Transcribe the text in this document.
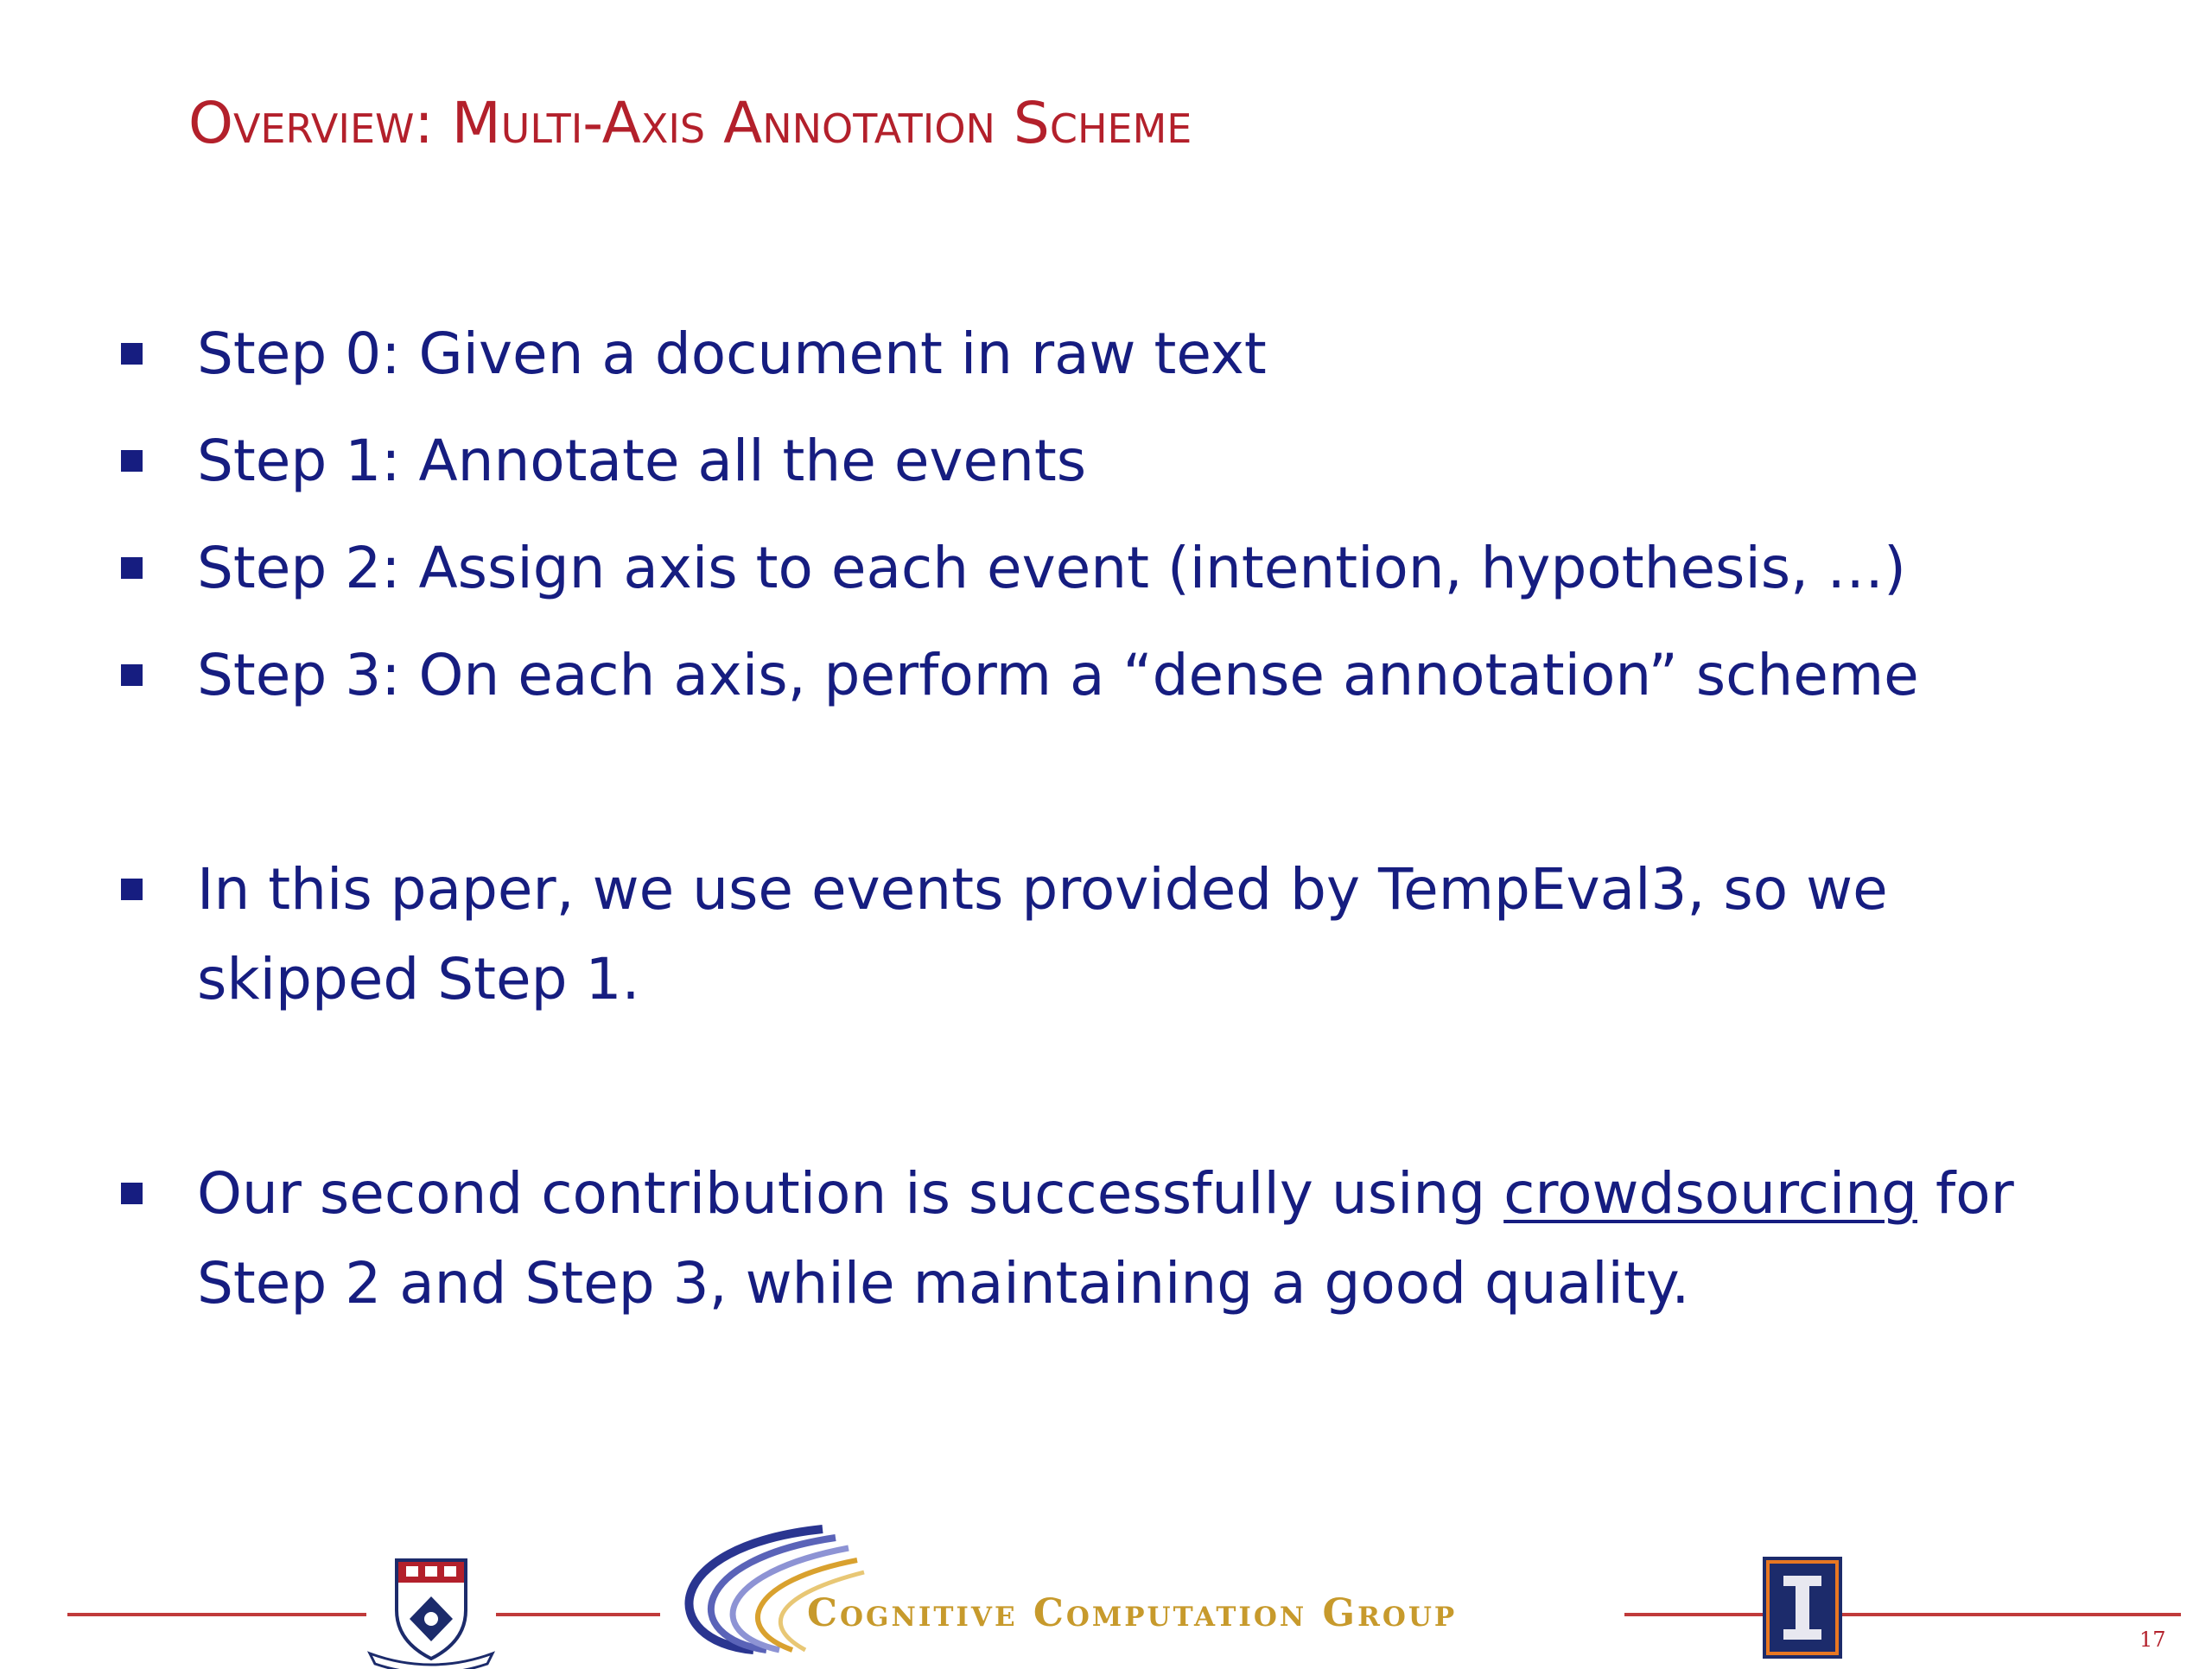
Overview: Multi-Axis Annotation Scheme
Step 0: Given a document in raw text
Step 1: Annotate all the events
Step 2: Assign axis to each event (intention, hypothesis, …)
Step 3: On each axis, perform a “dense annotation” scheme
In this paper, we use events provided by TempEval3, so we
skipped Step 1.
Our second contribution is successfully using crowdsourcing for
Step 2 and Step 3, while maintaining a good quality.
Cognitive Computation Group
17
